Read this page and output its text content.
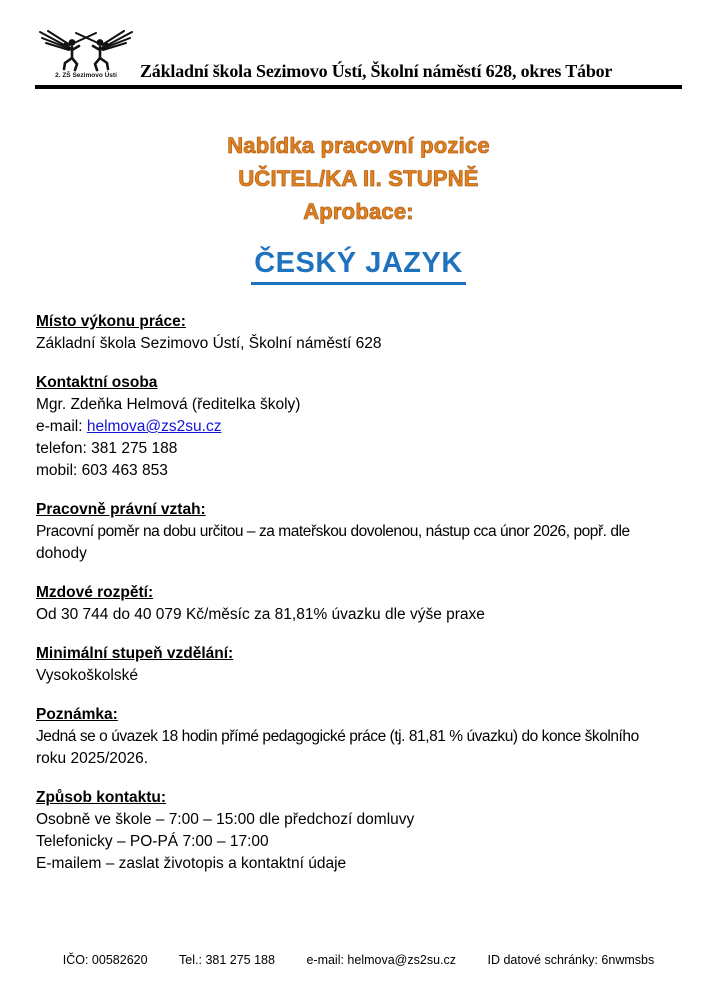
2. ZŠ Sezimovo Ústí Základní škola Sezimovo Ústí, Školní náměstí 628, okres Tábor
Nabídka pracovní pozice
UČITEL/KA II. STUPNĚ
Aprobace:
ČESKÝ JAZYK
Místo výkonu práce:
Základní škola Sezimovo Ústí, Školní náměstí 628
Kontaktní osoba
Mgr. Zdeňka Helmová (ředitelka školy)
e-mail: helmova@zs2su.cz
telefon: 381 275 188
mobil: 603 463 853
Pracovně právní vztah:
Pracovní poměr na dobu určitou – za mateřskou dovolenou, nástup cca únor 2026, popř. dle
dohody
Mzdové rozpětí:
Od 30 744 do 40 079 Kč/měsíc za 81,81% úvazku dle výše praxe
Minimální stupeň vzdělání:
Vysokoškolské
Poznámka:
Jedná se o úvazek 18 hodin přímé pedagogické práce (tj. 81,81 % úvazku) do konce školního
roku 2025/2026.
Způsob kontaktu:
Osobně ve škole – 7:00 – 15:00 dle předchozí domluvy
Telefonicky – PO-PÁ 7:00 – 17:00
E-mailem – zaslat životopis a kontaktní údaje
IČO: 00582620	Tel.: 381 275 188	e-mail: helmova@zs2su.cz	ID datové schránky: 6nwmsbs
